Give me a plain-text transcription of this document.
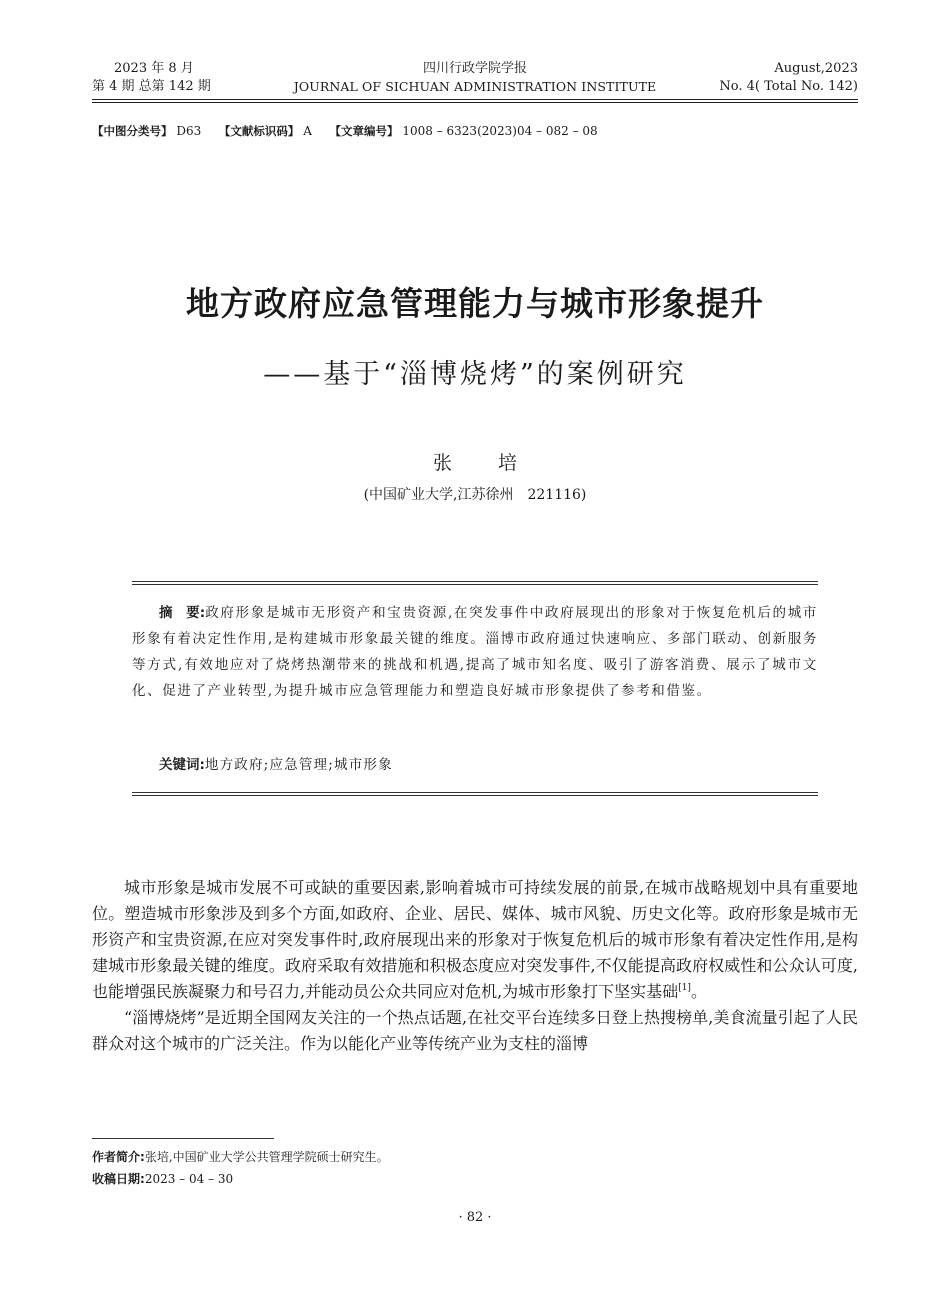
2023 年 8 月
第 4 期 总第 142 期
四川行政学院学报
JOURNAL OF SICHUAN ADMINISTRATION INSTITUTE
August,2023
No. 4( Total No. 142)
【中图分类号】 D63 【文献标识码】 A 【文章编号】 1008 – 6323(2023)04 – 082 – 08
地方政府应急管理能力与城市形象提升
——基于“淄博烧烤”的案例研究
张 培
(中国矿业大学,江苏徐州　221116)

摘　要:政府形象是城市无形资产和宝贵资源,在突发事件中政府展现出的形象对于恢复危机后的城市形象有着决定性作用,是构建城市形象最关键的维度。淄博市政府通过快速响应、多部门联动、创新服务等方式,有效地应对了烧烤热潮带来的挑战和机遇,提高了城市知名度、吸引了游客消费、展示了城市文化、促进了产业转型,为提升城市应急管理能力和塑造良好城市形象提供了参考和借鉴。

关键词:地方政府;应急管理;城市形象

城市形象是城市发展不可或缺的重要因素,影响着城市可持续发展的前景,在城市战略规划中具有重要地位。塑造城市形象涉及到多个方面,如政府、企业、居民、媒体、城市风貌、历史文化等。政府形象是城市无形资产和宝贵资源,在应对突发事件时,政府展现出来的形象对于恢复危机后的城市形象有着决定性作用,是构建城市形象最关键的维度。政府采取有效措施和积极态度应对突发事件,不仅能提高政府权威性和公众认可度,也能增强民族凝聚力和号召力,并能动员公众共同应对危机,为城市形象打下坚实基础[1]。

“淄博烧烤”是近期全国网友关注的一个热点话题,在社交平台连续多日登上热搜榜单,美食流量引起了人民群众对这个城市的广泛关注。作为以能化产业等传统产业为支柱的淄博

作者简介:张培,中国矿业大学公共管理学院硕士研究生。
收稿日期:2023 – 04 – 30
· 82 ·
